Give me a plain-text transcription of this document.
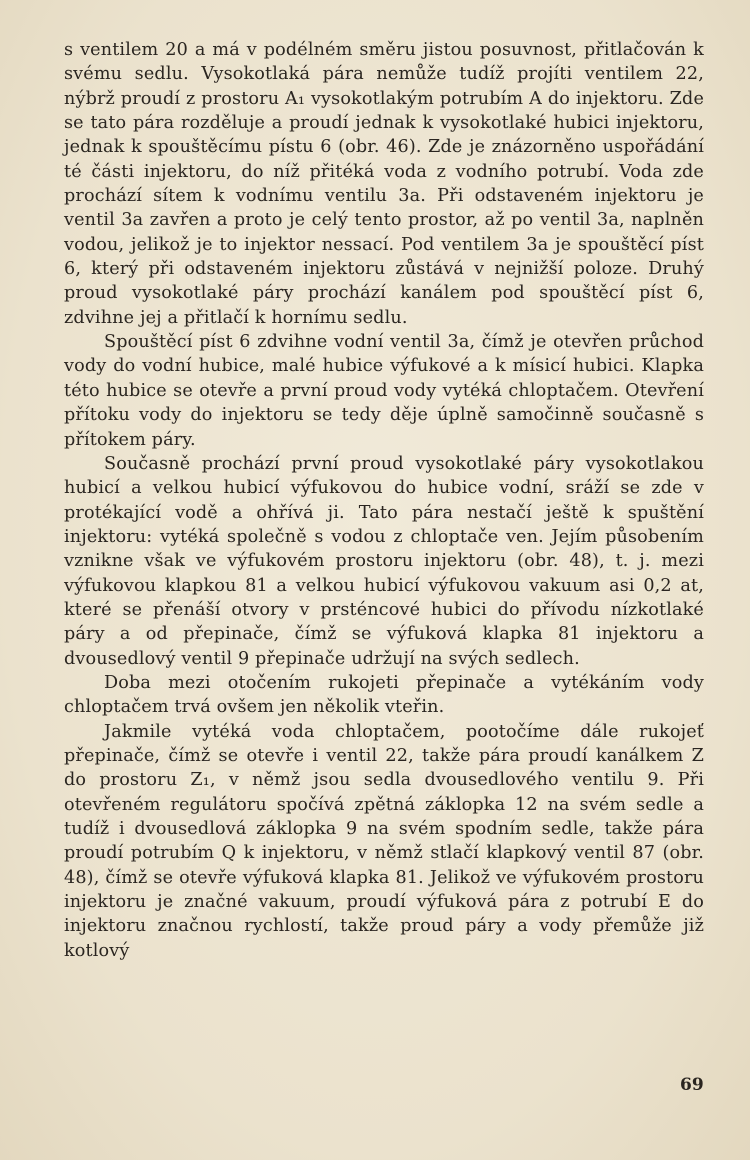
s ventilem 20 a má v podélném směru jistou posuvnost, přitlačován k svému sedlu. Vysokotlaká pára nemůže tudíž projíti ventilem 22, nýbrž proudí z prostoru A₁ vysokotlakým potrubím A do injektoru. Zde se tato pára rozděluje a proudí jednak k vysokotlaké hubici injektoru, jednak k spouštěcímu pístu 6 (obr. 46). Zde je znázorněno uspořádání té části injektoru, do níž přitéká voda z vodního potrubí. Voda zde prochází sítem k vodnímu ventilu 3a. Při odstaveném injektoru je ventil 3a zavřen a proto je celý tento prostor, až po ventil 3a, naplněn vodou, jelikož je to injektor nessací. Pod ventilem 3a je spouštěcí píst 6, který při odstaveném injektoru zůstává v nejnižší poloze. Druhý proud vysokotlaké páry prochází kanálem pod spouštěcí píst 6, zdvihne jej a přitlačí k hornímu sedlu.

Spouštěcí píst 6 zdvihne vodní ventil 3a, čímž je otevřen průchod vody do vodní hubice, malé hubice výfukové a k mísicí hubici. Klapka této hubice se otevře a první proud vody vytéká chloptačem. Otevření přítoku vody do injektoru se tedy děje úplně samočinně současně s přítokem páry.

Současně prochází první proud vysokotlaké páry vysokotlakou hubicí a velkou hubicí výfukovou do hubice vodní, sráží se zde v protékající vodě a ohřívá ji. Tato pára nestačí ještě k spuštění injektoru: vytéká společně s vodou z chloptače ven. Jejím působením vznikne však ve výfukovém prostoru injektoru (obr. 48), t. j. mezi výfukovou klapkou 81 a velkou hubicí výfukovou vakuum asi 0,2 at, které se přenáší otvory v prsténcové hubici do přívodu nízkotlaké páry a od přepinače, čímž se výfuková klapka 81 injektoru a dvousedlový ventil 9 přepinače udržují na svých sedlech.

Doba mezi otočením rukojeti přepinače a vytékáním vody chloptačem trvá ovšem jen několik vteřin.

Jakmile vytéká voda chloptačem, pootočíme dále rukojeť přepinače, čímž se otevře i ventil 22, takže pára proudí kanálkem Z do prostoru Z₁, v němž jsou sedla dvousedlového ventilu 9. Při otevřeném regulátoru spočívá zpětná záklopka 12 na svém sedle a tudíž i dvousedlová záklopka 9 na svém spodním sedle, takže pára proudí potrubím Q k injektoru, v němž stlačí klapkový ventil 87 (obr. 48), čímž se otevře výfuková klapka 81. Jelikož ve výfukovém prostoru injektoru je značné vakuum, proudí výfuková pára z potrubí E do injektoru značnou rychlostí, takže proud páry a vody přemůže již kotlový

69
